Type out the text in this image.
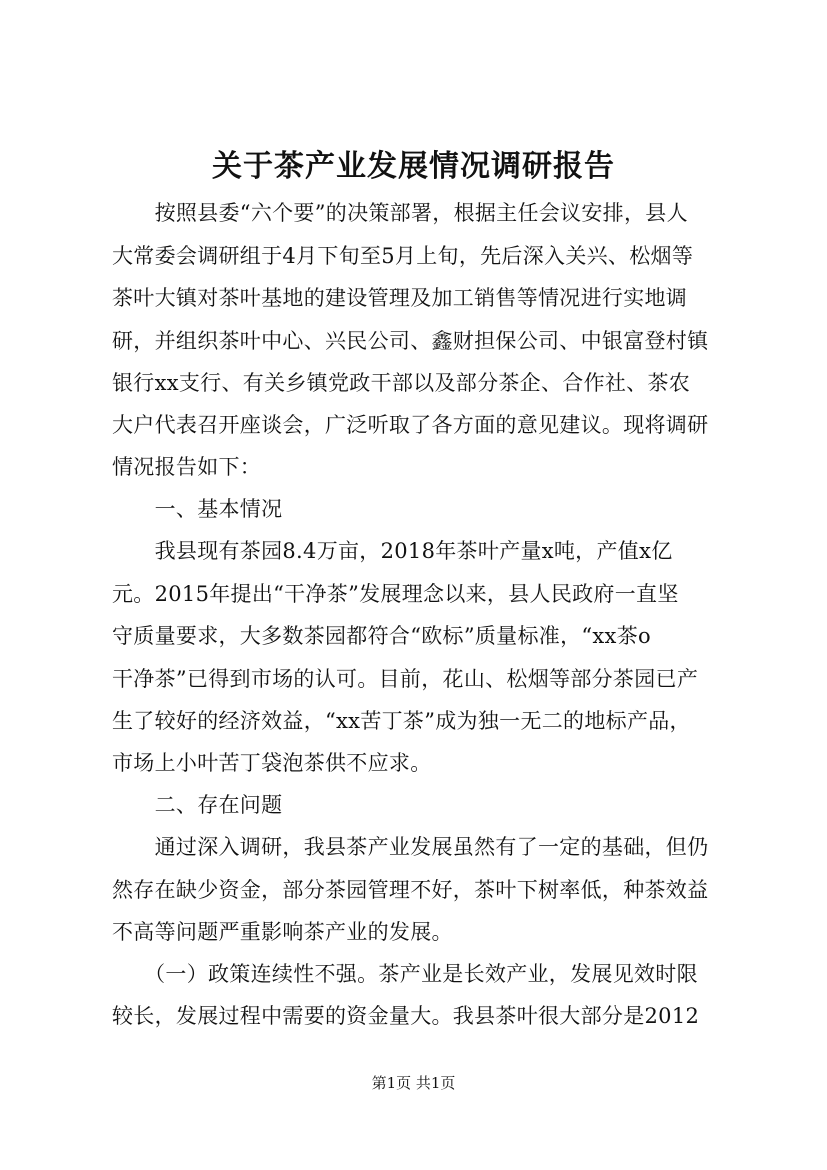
关于茶产业发展情况调研报告
　　按照县委“六个要”的决策部署，根据主任会议安排，县人
大常委会调研组于4月下旬至5月上旬，先后深入关兴、松烟等
茶叶大镇对茶叶基地的建设管理及加工销售等情况进行实地调
研，并组织茶叶中心、兴民公司、鑫财担保公司、中银富登村镇
银行xx支行、有关乡镇党政干部以及部分茶企、合作社、茶农
大户代表召开座谈会，广泛听取了各方面的意见建议。现将调研
情况报告如下：
　　一、基本情况
　　我县现有茶园8.4万亩，2018年茶叶产量x吨，产值x亿
元。2015年提出“干净茶”发展理念以来，县人民政府一直坚
守质量要求，大多数茶园都符合“欧标”质量标准，“xx茶o
干净茶”已得到市场的认可。目前，花山、松烟等部分茶园已产
生了较好的经济效益，“xx苦丁茶”成为独一无二的地标产品，
市场上小叶苦丁袋泡茶供不应求。
　　二、存在问题
　　通过深入调研，我县茶产业发展虽然有了一定的基础，但仍
然存在缺少资金，部分茶园管理不好，茶叶下树率低，种茶效益
不高等问题严重影响茶产业的发展。
　　（一）政策连续性不强。茶产业是长效产业，发展见效时限
较长，发展过程中需要的资金量大。我县茶叶很大部分是2012
第1页 共1页
